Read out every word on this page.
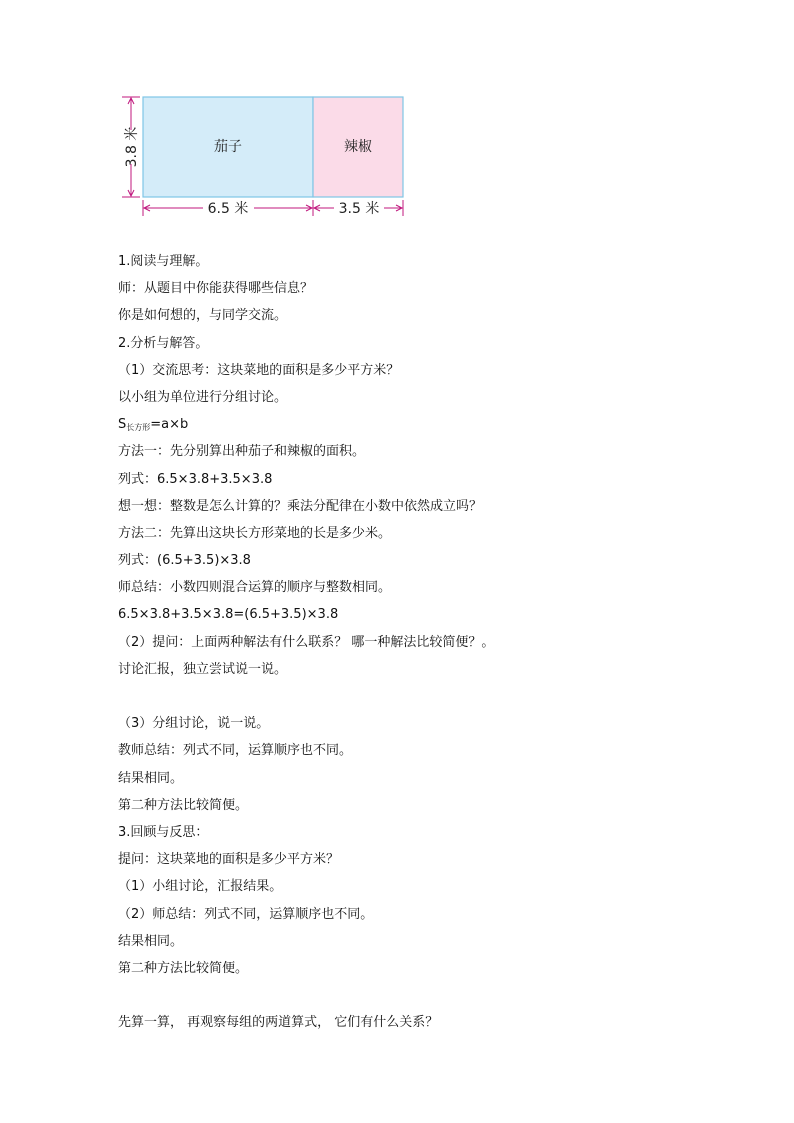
茄子	辣椒
3.8 米
6.5 米	3.5 米
1.阅读与理解。
师：从题目中你能获得哪些信息？
你是如何想的，与同学交流。
2.分析与解答。
（1）交流思考：这块菜地的面积是多少平方米？
以小组为单位进行分组讨论。
$S_{长方形}=a\times b$
方法一：先分别算出种茄子和辣椒的面积。
列式：6.5×3.8+3.5×3.8
想一想：整数是怎么计算的？乘法分配律在小数中依然成立吗？
方法二：先算出这块长方形菜地的长是多少米。
列式：(6.5+3.5)×3.8
师总结：小数四则混合运算的顺序与整数相同。
6.5×3.8+3.5×3.8=(6.5+3.5)×3.8
（2）提问：上面两种解法有什么联系？ 哪一种解法比较简便？。
讨论汇报，独立尝试说一说。
（3）分组讨论，说一说。
教师总结：列式不同，运算顺序也不同。
结果相同。
第二种方法比较简便。
3.回顾与反思：
提问：这块菜地的面积是多少平方米？
（1）小组讨论，汇报结果。
（2）师总结：列式不同，运算顺序也不同。
结果相同。
第二种方法比较简便。
先算一算， 再观察每组的两道算式， 它们有什么关系？
